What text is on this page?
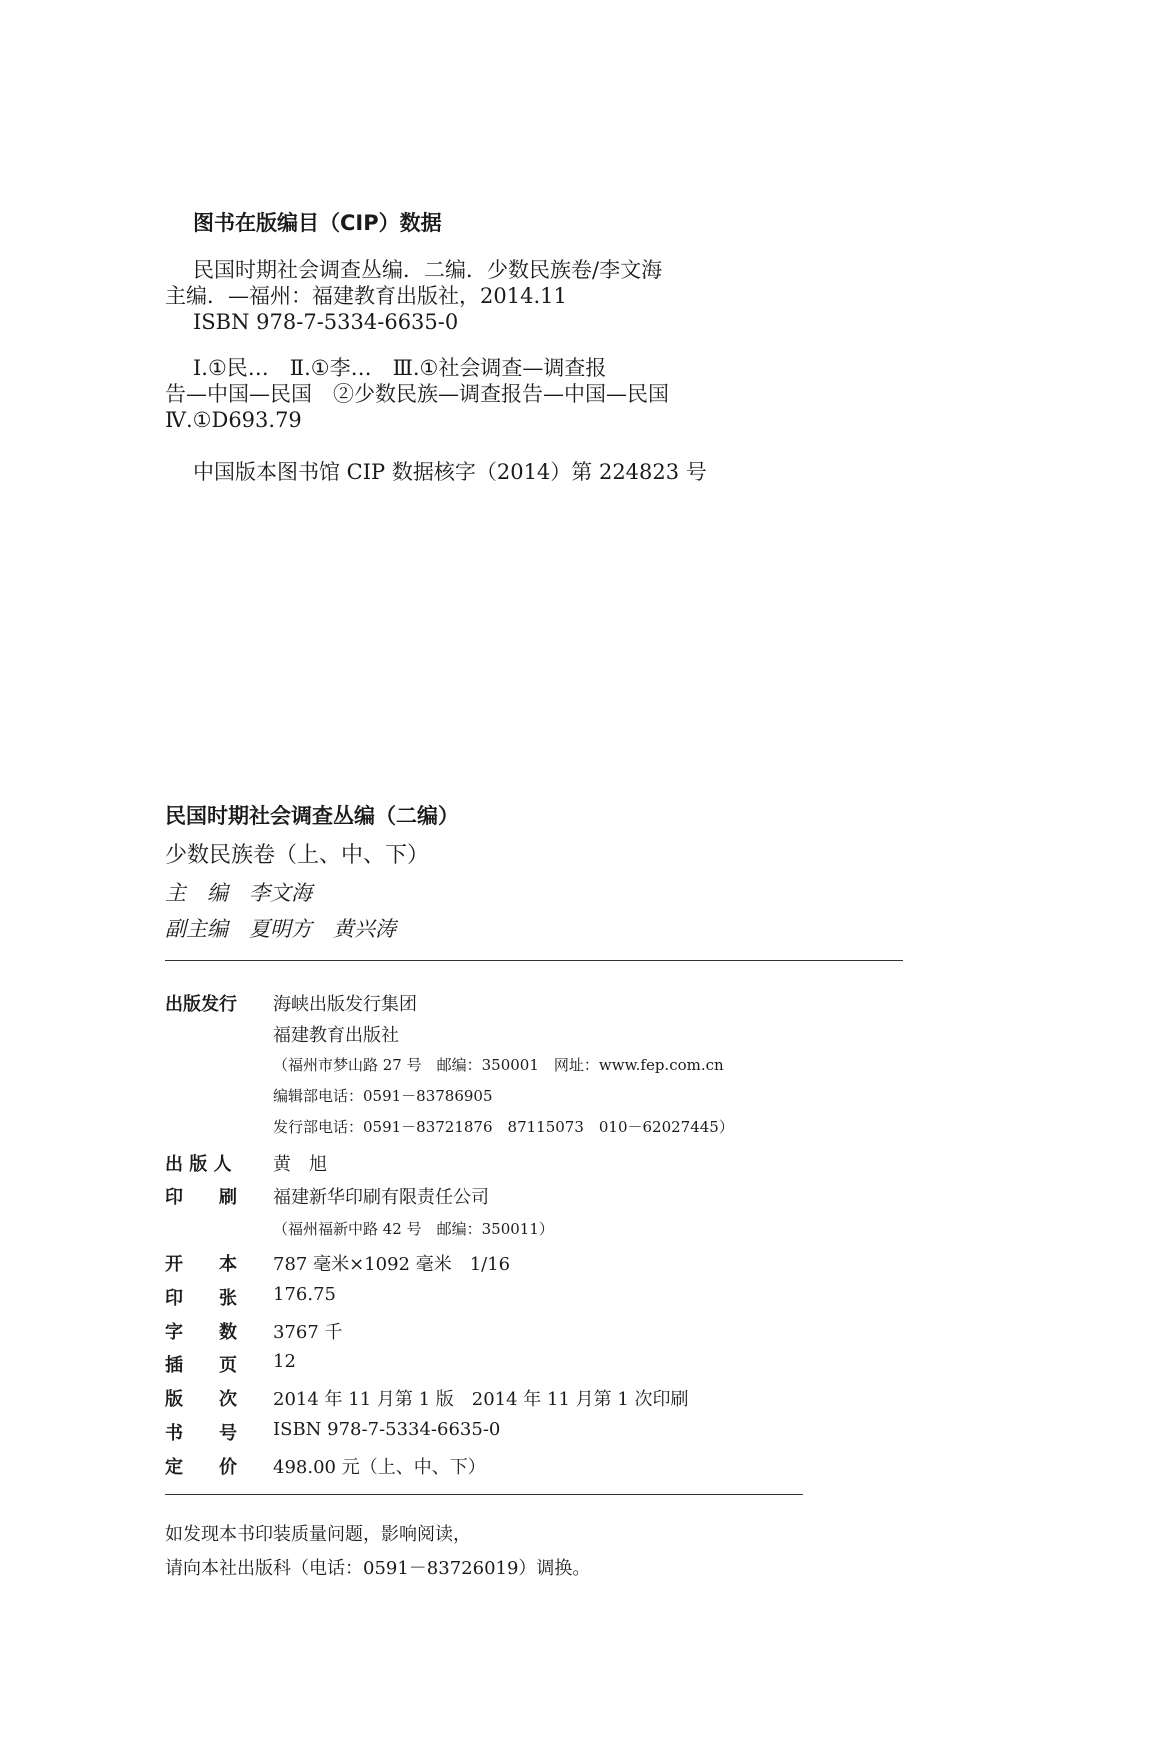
图书在版编目（CIP）数据
民国时期社会调查丛编．二编．少数民族卷/李文海
主编．—福州：福建教育出版社，2014.11
ISBN 978-7-5334-6635-0
Ⅰ.①民…　Ⅱ.①李…　Ⅲ.①社会调查—调查报
告—中国—民国　②少数民族—调查报告—中国—民国
Ⅳ.①D693.79
中国版本图书馆 CIP 数据核字（2014）第 224823 号
民国时期社会调查丛编（二编）
少数民族卷（上、中、下）
主　编　李文海
副主编　夏明方　黄兴涛
出版发行	海峡出版发行集团
福建教育出版社
（福州市梦山路 27 号　邮编：350001　网址：www.fep.com.cn
编辑部电话：0591－83786905
发行部电话：0591－83721876　87115073　010－62027445）
出 版 人	黄　旭
印　　刷	福建新华印刷有限责任公司
（福州福新中路 42 号　邮编：350011）
开　　本	787 毫米×1092 毫米　1/16
印　　张	176.75
字　　数	3767 千
插　　页	12
版　　次	2014 年 11 月第 1 版　2014 年 11 月第 1 次印刷
书　　号	ISBN 978-7-5334-6635-0
定　　价	498.00 元（上、中、下）
如发现本书印装质量问题，影响阅读，
请向本社出版科（电话：0591－83726019）调换。
